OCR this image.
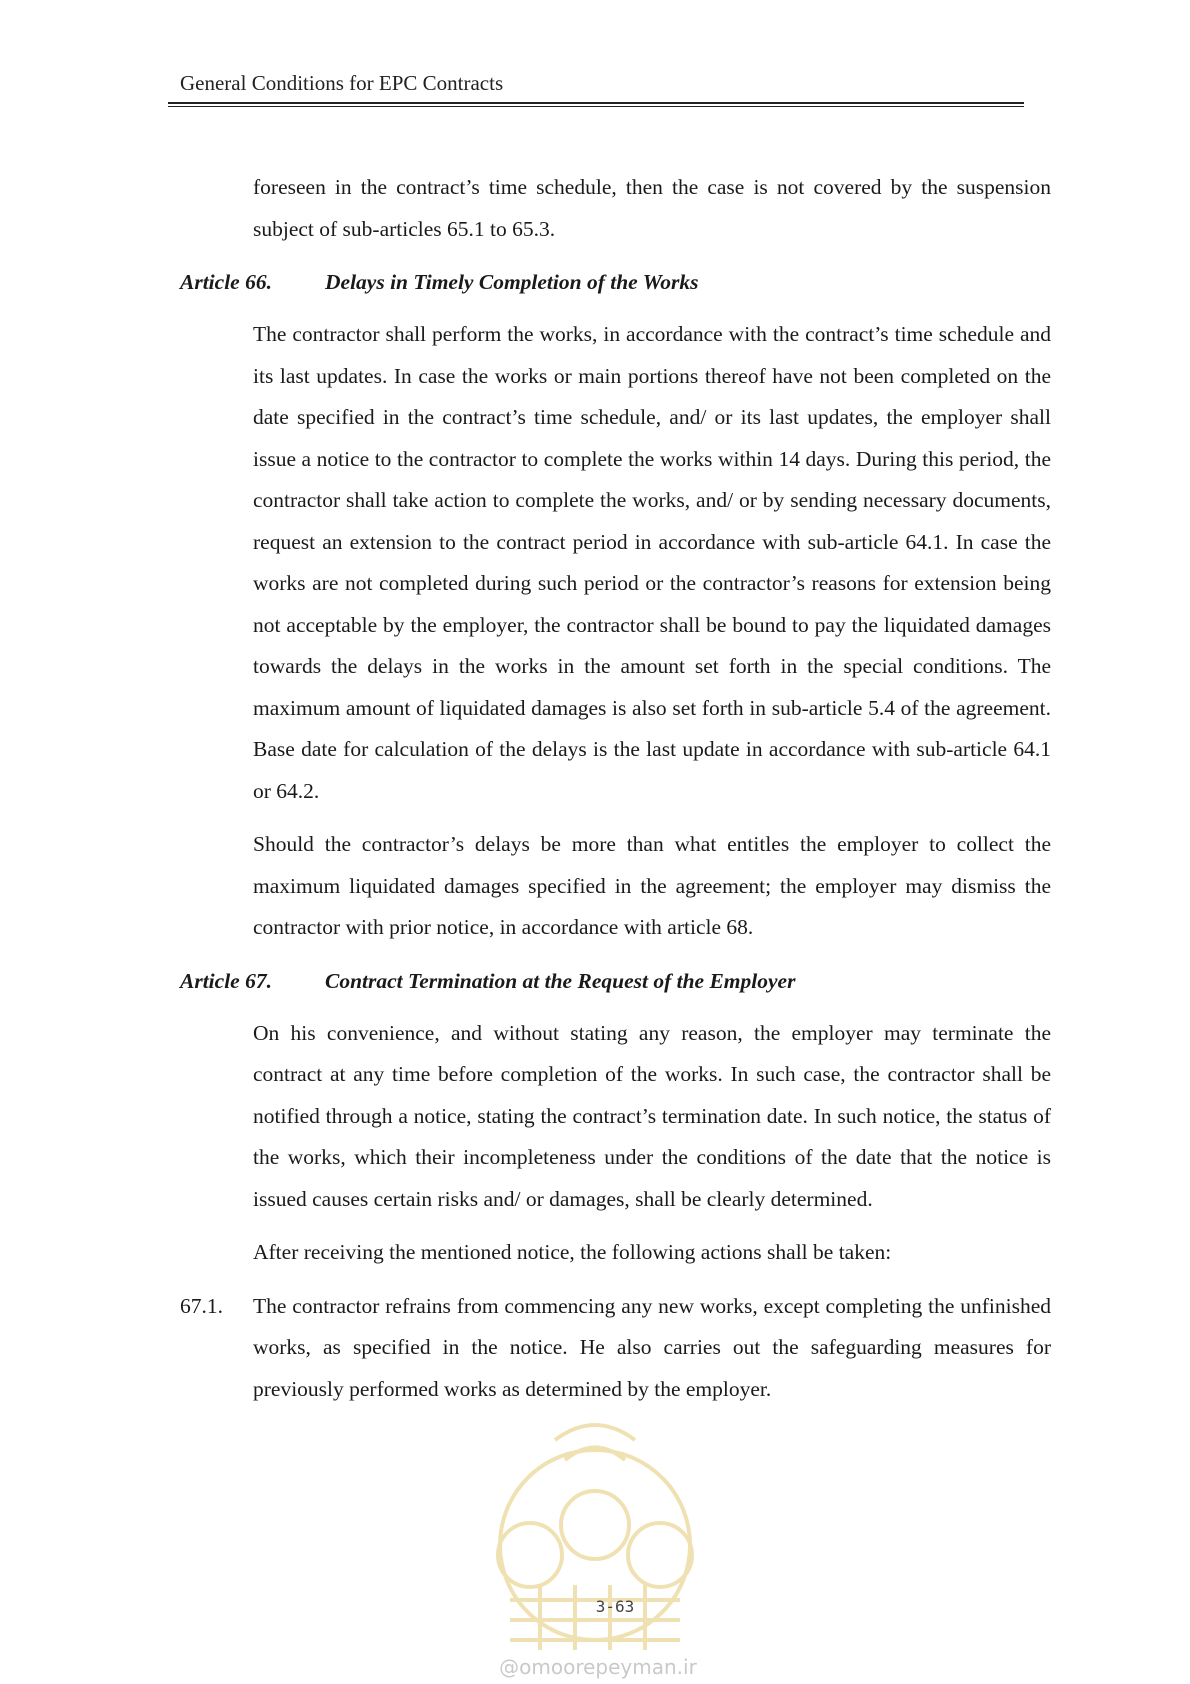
General Conditions for EPC Contracts

foreseen in the contract’s time schedule, then the case is not covered by the suspension subject of sub-articles 65.1 to 65.3.

Article 66.	Delays in Timely Completion of the Works

The contractor shall perform the works, in accordance with the contract’s time schedule and its last updates. In case the works or main portions thereof have not been completed on the date specified in the contract’s time schedule, and/ or its last updates, the employer shall issue a notice to the contractor to complete the works within 14 days. During this period, the contractor shall take action to complete the works, and/ or by sending necessary documents, request an extension to the contract period in accordance with sub-article 64.1. In case the works are not completed during such period or the contractor’s reasons for extension being not acceptable by the employer, the contractor shall be bound to pay the liquidated damages towards the delays in the works in the amount set forth in the special conditions. The maximum amount of liquidated damages is also set forth in sub-article 5.4 of the agreement. Base date for calculation of the delays is the last update in accordance with sub-article 64.1 or 64.2.

Should the contractor’s delays be more than what entitles the employer to collect the maximum liquidated damages specified in the agreement; the employer may dismiss the contractor with prior notice, in accordance with article 68.

Article 67.	Contract Termination at the Request of the Employer

On his convenience, and without stating any reason, the employer may terminate the contract at any time before completion of the works. In such case, the contractor shall be notified through a notice, stating the contract’s termination date. In such notice, the status of the works, which their incompleteness under the conditions of the date that the notice is issued causes certain risks and/ or damages, shall be clearly determined.

After receiving the mentioned notice, the following actions shall be taken:

67.1.	The contractor refrains from commencing any new works, except completing the unfinished works, as specified in the notice. He also carries out the safeguarding measures for previously performed works as determined by the employer.
3-63
@omoorepeyman.ir
